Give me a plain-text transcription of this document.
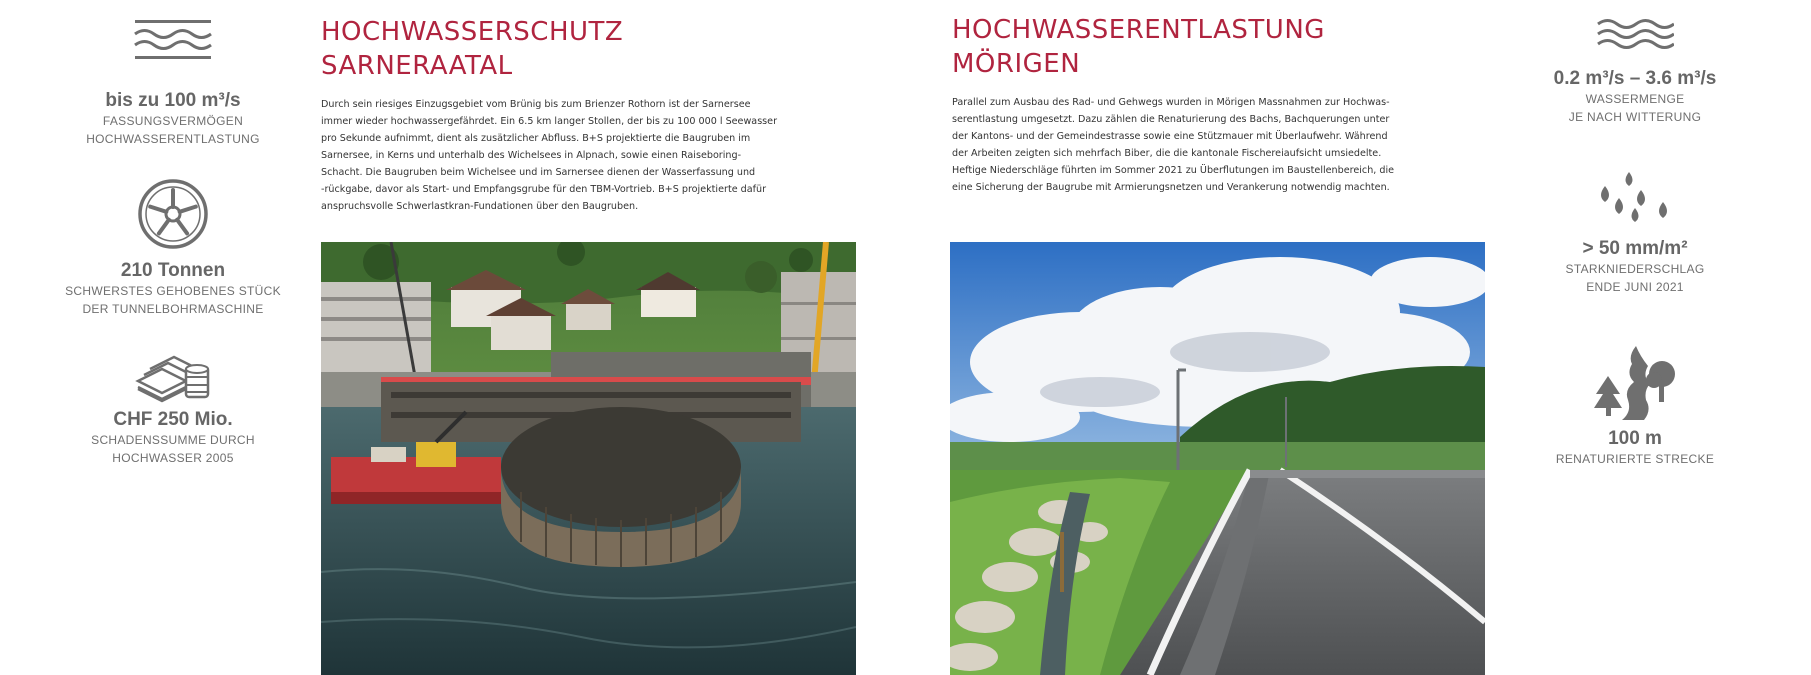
bis zu 100 m³/s
FASSUNGSVERMÖGEN
HOCHWASSERENTLASTUNG
210 Tonnen
SCHWERSTES GEHOBENES STÜCK
DER TUNNELBOHRMASCHINE
CHF 250 Mio.
SCHADENSSUMME DURCH
HOCHWASSER 2005
HOCHWASSERSCHUTZ
SARNERAATAL
Durch sein riesiges Einzugsgebiet vom Brünig bis zum Brienzer Rothorn ist der Sarnersee
immer wieder hochwassergefährdet. Ein 6.5 km langer Stollen, der bis zu 100 000 l Seewasser
pro Sekunde aufnimmt, dient als zusätzlicher Abfluss. B+S projektierte die Baugruben im
Sarnersee, in Kerns und unterhalb des Wichelsees in Alpnach, sowie einen Raiseboring-
Schacht. Die Baugruben beim Wichelsee und im Sarnersee dienen der Wasserfassung und
-rückgabe, davor als Start- und Empfangsgrube für den TBM-Vortrieb. B+S projektierte dafür
anspruchsvolle Schwerlastkran-Fundationen über den Baugruben.
HOCHWASSERENTLASTUNG
MÖRIGEN
Parallel zum Ausbau des Rad- und Gehwegs wurden in Mörigen Massnahmen zur Hochwas-
serentlastung umgesetzt. Dazu zählen die Renaturierung des Bachs, Bachquerungen unter
der Kantons- und der Gemeindestrasse sowie eine Stützmauer mit Überlaufwehr. Während
der Arbeiten zeigten sich mehrfach Biber, die die kantonale Fischereiaufsicht umsiedelte.
Heftige Niederschläge führten im Sommer 2021 zu Überflutungen im Baustellenbereich, die
eine Sicherung der Baugrube mit Armierungsnetzen und Verankerung notwendig machten.
0.2 m³/s – 3.6 m³/s
WASSERMENGE
JE NACH WITTERUNG
> 50 mm/m²
STARKNIEDERSCHLAG
ENDE JUNI 2021
100 m
RENATURIERTE STRECKE
